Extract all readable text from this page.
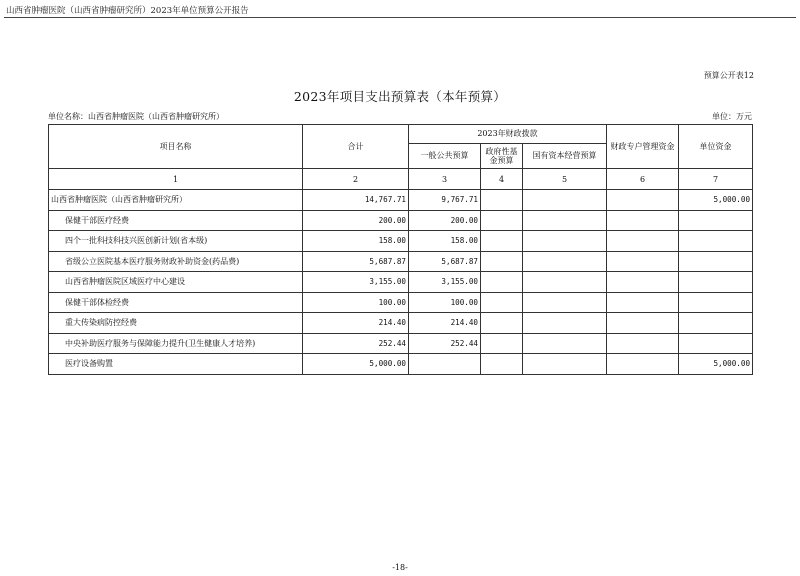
山西省肿瘤医院（山西省肿瘤研究所）2023年单位预算公开报告
预算公开表12
2023年项目支出预算表（本年预算）
单位名称：山西省肿瘤医院（山西省肿瘤研究所）	单位：万元
项目名称	合计	2023年财政拨款			财政专户管理资金	单位资金
		一般公共预算	政府性基金预算	国有资本经营预算		
1	2	3	4	5	6	7
山西省肿瘤医院（山西省肿瘤研究所）	14,767.71	9,767.71				5,000.00
保健干部医疗经费	200.00	200.00				
四个一批科技科技兴医创新计划(省本级)	158.00	158.00				
省级公立医院基本医疗服务财政补助资金(药品费)	5,687.87	5,687.87				
山西省肿瘤医院区域医疗中心建设	3,155.00	3,155.00				
保健干部体检经费	100.00	100.00				
重大传染病防控经费	214.40	214.40				
中央补助医疗服务与保障能力提升(卫生健康人才培养)	252.44	252.44				
医疗设备购置	5,000.00					5,000.00
-18-
